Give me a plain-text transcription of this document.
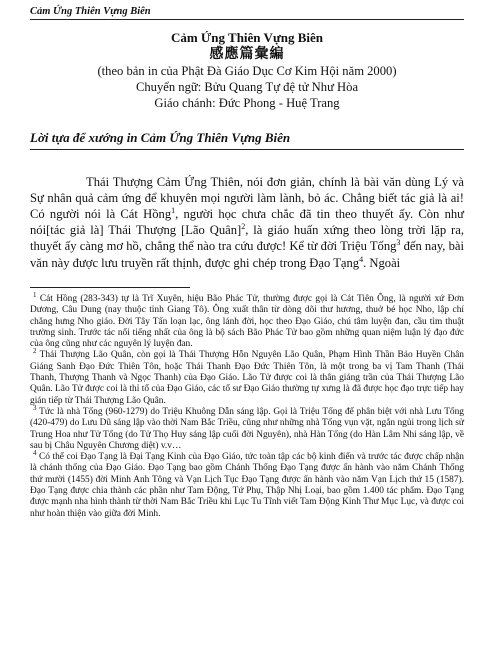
Cảm Ứng Thiên Vựng Biên
Cảm Ứng Thiên Vựng Biên
感應篇彙編
(theo bản in của Phật Đà Giáo Dục Cơ Kim Hội năm 2000)
Chuyển ngữ: Bửu Quang Tự đệ tử Như Hòa
Giáo chánh: Đức Phong - Huệ Trang
Lời tựa để xướng in Cảm Ứng Thiên Vựng Biên

Thái Thượng Cảm Ứng Thiên, nói đơn giản, chính là bài văn dùng Lý và Sự nhân quả cảm ứng để khuyên mọi người làm lành, bỏ ác. Chẳng biết tác giả là ai! Có người nói là Cát Hồng$^1$, người học chưa chắc đã tin theo thuyết ấy. Còn như nói[tác giả là] Thái Thượng [Lão Quân]$^2$, là giáo huấn xứng theo lòng trời lặp ra, thuyết ấy càng mơ hồ, chẳng thể nào tra cứu được! Kể từ đời Triệu Tống$^3$ đến nay, bài văn này được lưu truyền rất thịnh, được ghi chép trong Đạo Tạng$^4$. Ngoài

$^1$ Cát Hồng (283-343) tự là Trĩ Xuyên, hiệu Bão Phác Tử, thường được gọi là Cát Tiên Ông, là người xứ Đơn Dương, Câu Dung (nay thuộc tỉnh Giang Tô). Ông xuất thân từ dòng dõi thư hương, thuở bé học Nho, lập chí chẳng hưng Nho giáo. Đời Tây Tấn loạn lạc, ông lánh đời, học theo Đạo Giáo, chú tâm luyện đan, cầu tìm thuật trường sinh. Trước tác nổi tiếng nhất của ông là bộ sách Bão Phác Tử bao gồm những quan niệm luận lý đạo đức của ông cũng như các nguyên lý luyện đan.

$^2$ Thái Thượng Lão Quân, còn gọi là Thái Thượng Hỗn Nguyên Lão Quân, Phạm Hình Thần Bảo Huyền Chân Giáng Sanh Đạo Đức Thiên Tôn, hoặc Thái Thanh Đạo Đức Thiên Tôn, là một trong ba vị Tam Thanh (Thái Thanh, Thượng Thanh và Ngọc Thanh) của Đạo Giáo. Lão Tử được coi là thân giáng trần của Thái Thượng Lão Quân. Lão Tử được coi là thỉ tổ của Đạo Giáo, các tổ sư Đạo Giáo thường tự xưng là đã được học đạo trực tiếp hay gián tiếp từ Thái Thượng Lão Quân.

$^3$ Tức là nhà Tống (960-1279) do Triệu Khuông Dẫn sáng lập. Gọi là Triệu Tống để phân biệt với nhà Lưu Tống (420-479) do Lưu Dũ sáng lập vào thời Nam Bắc Triều, cũng như những nhà Tống vụn vặt, ngắn ngủi trong lịch sử Trung Hoa như Tử Tống (do Tử Thọ Huy sáng lập cuối đời Nguyên), nhà Hàn Tống (do Hàn Lâm Nhi sáng lập, về sau bị Châu Nguyên Chương diệt) v.v…

$^4$ Có thể coi Đạo Tạng là Đại Tạng Kinh của Đạo Giáo, tức toàn tập các bộ kinh điển và trước tác được chấp nhận là chánh thống của Đạo Giáo. Đạo Tạng bao gồm Chánh Thống Đạo Tạng được ấn hành vào năm Chánh Thống thứ mười (1455) đời Minh Anh Tông và Vạn Lịch Tục Đạo Tạng được ấn hành vào năm Vạn Lịch thứ 15 (1587). Đạo Tạng được chia thành các phần như Tam Động, Tứ Phụ, Thập Nhị Loại, bao gồm 1.400 tác phẩm. Đạo Tạng được mạnh nha hình thành từ thời Nam Bắc Triều khi Lục Tu Tĩnh viết Tam Động Kinh Thư Mục Lục, và được coi như hoàn thiện vào giữa đời Minh.
